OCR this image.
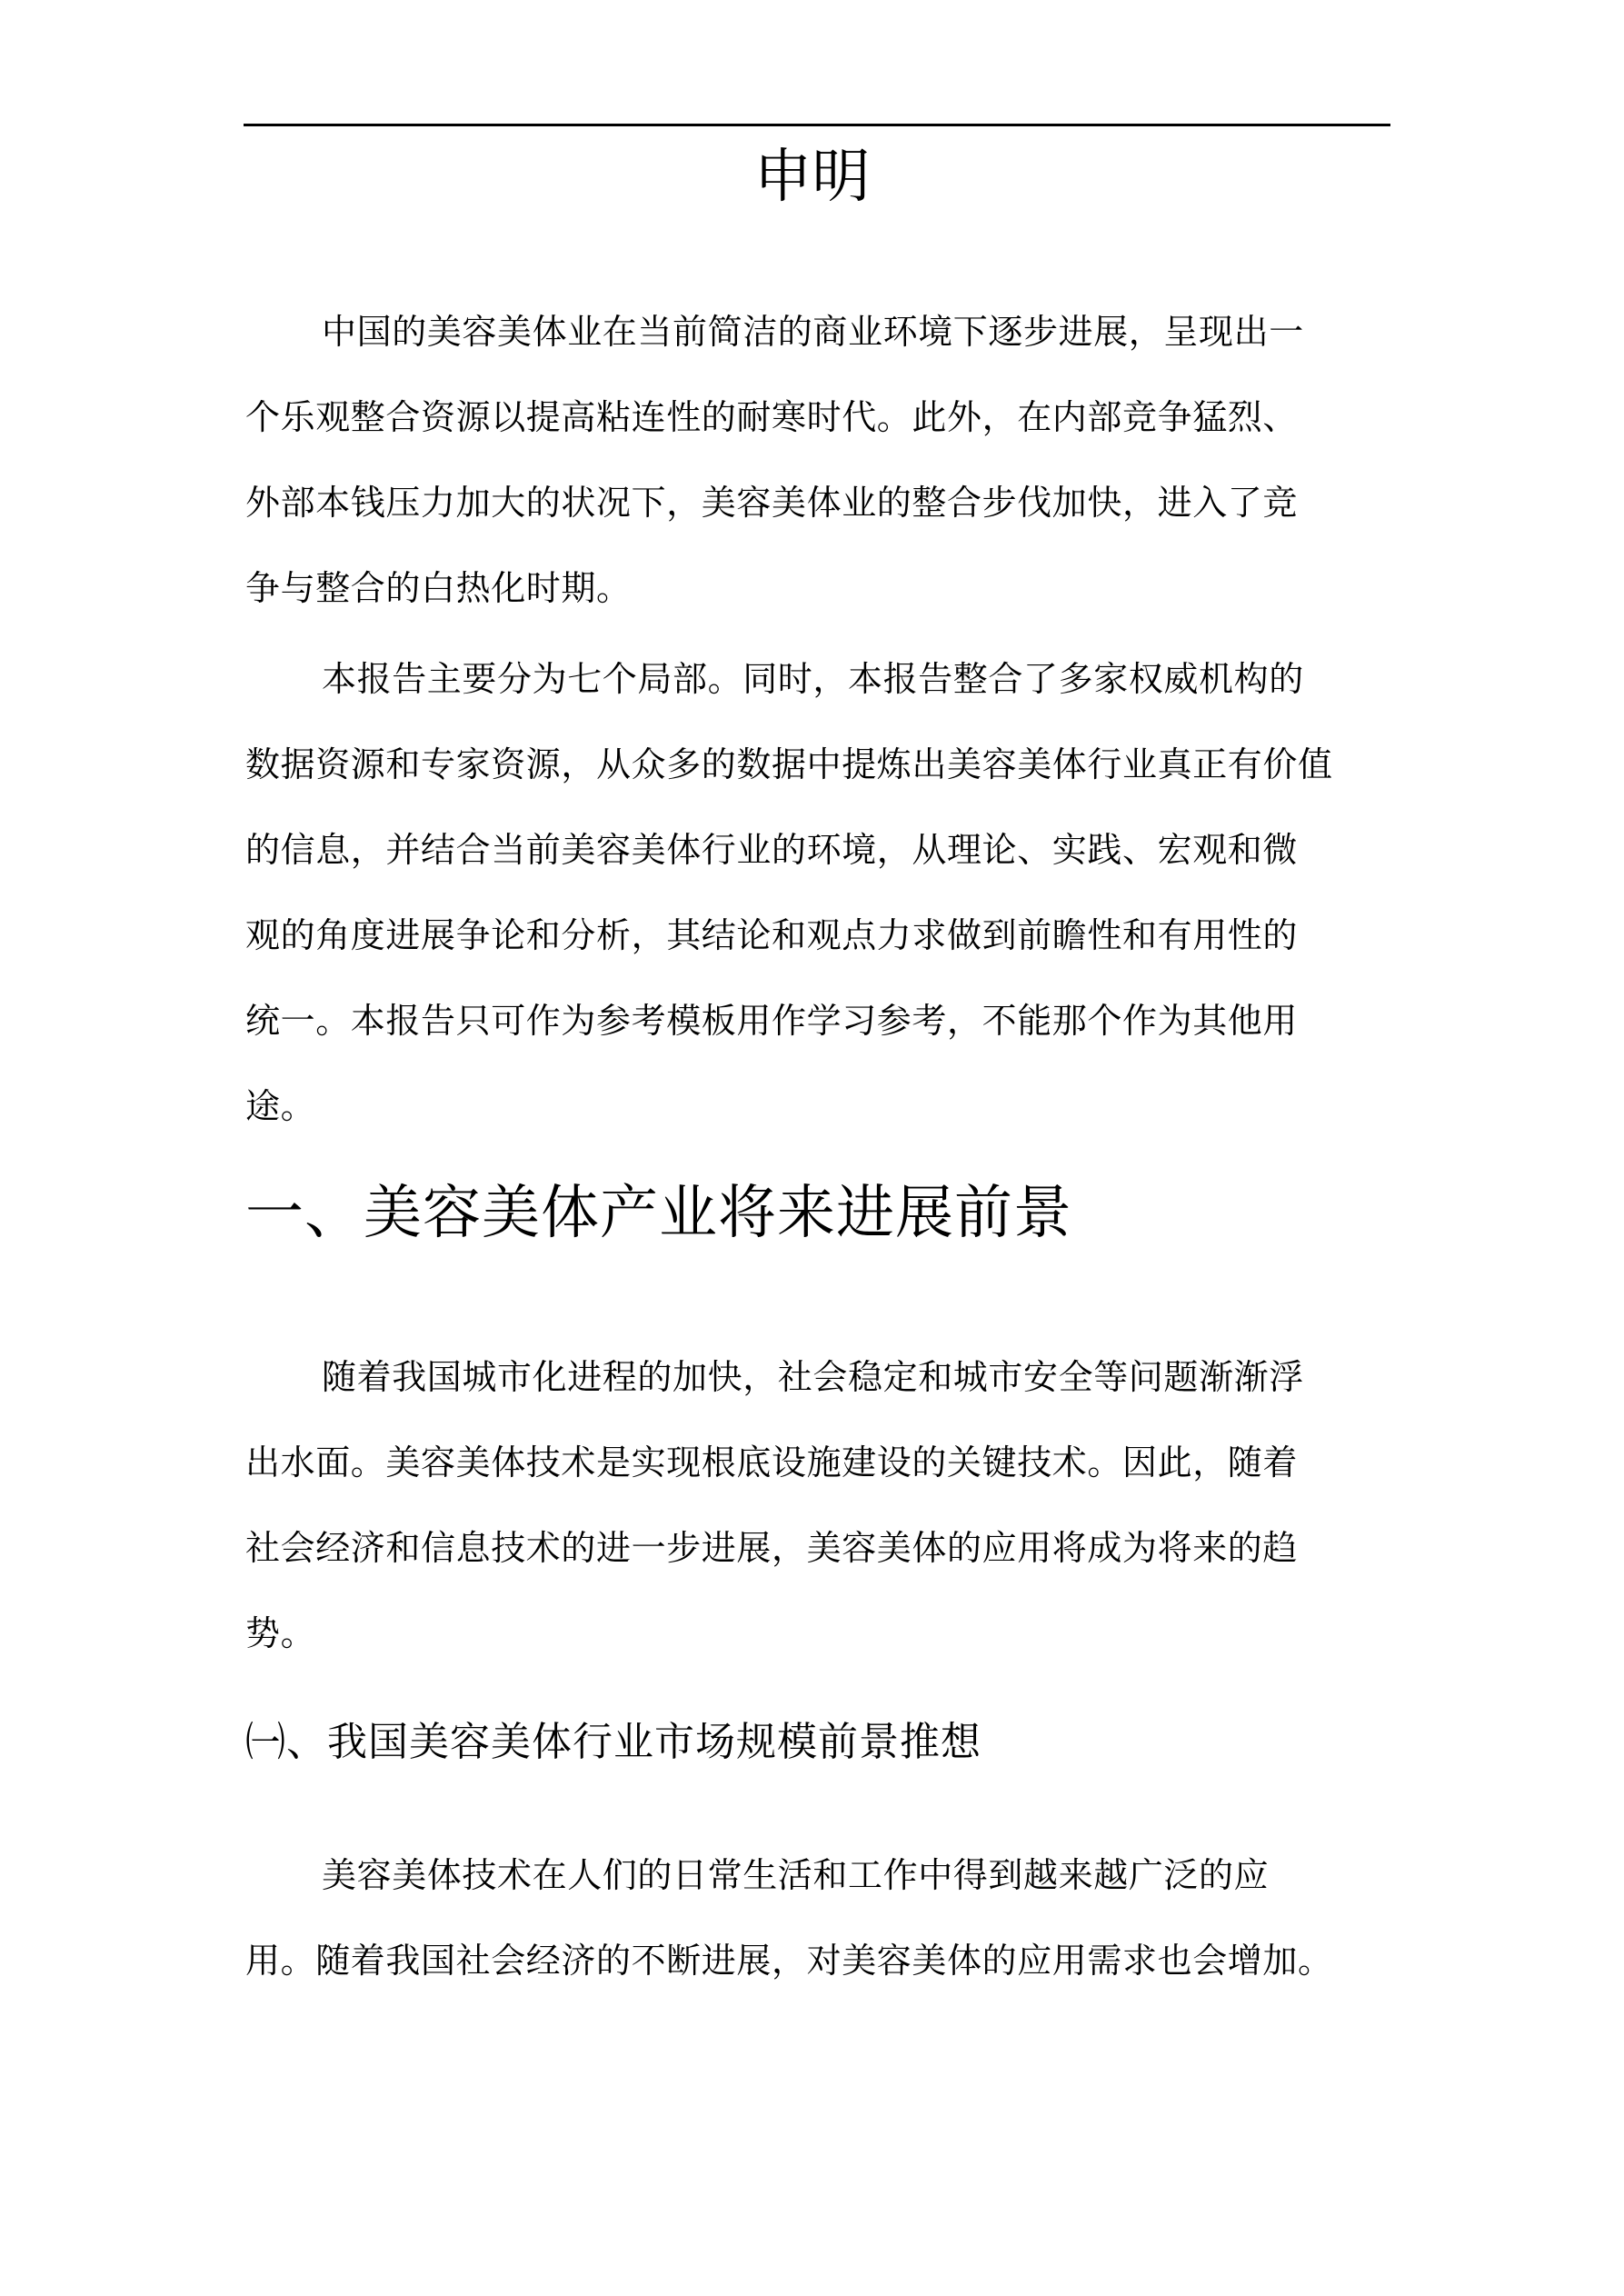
申明

中国的美容美体业在当前简洁的商业环境下逐步进展，呈现出一
个乐观整合资源以提高粘连性的耐寒时代。此外，在内部竞争猛烈、
外部本钱压力加大的状况下，美容美体业的整合步伐加快，进入了竞
争与整合的白热化时期。

本报告主要分为七个局部。同时，本报告整合了多家权威机构的
数据资源和专家资源，从众多的数据中提炼出美容美体行业真正有价值
的信息，并结合当前美容美体行业的环境，从理论、实践、宏观和微
观的角度进展争论和分析，其结论和观点力求做到前瞻性和有用性的
统一。本报告只可作为参考模板用作学习参考，不能那个作为其他用
途。

一、美容美体产业将来进展前景

随着我国城市化进程的加快，社会稳定和城市安全等问题渐渐浮
出水面。美容美体技术是实现根底设施建设的关键技术。因此，随着
社会经济和信息技术的进一步进展，美容美体的应用将成为将来的趋
势。

㈠、我国美容美体行业市场规模前景推想

美容美体技术在人们的日常生活和工作中得到越来越广泛的应
用。随着我国社会经济的不断进展，对美容美体的应用需求也会增加。
